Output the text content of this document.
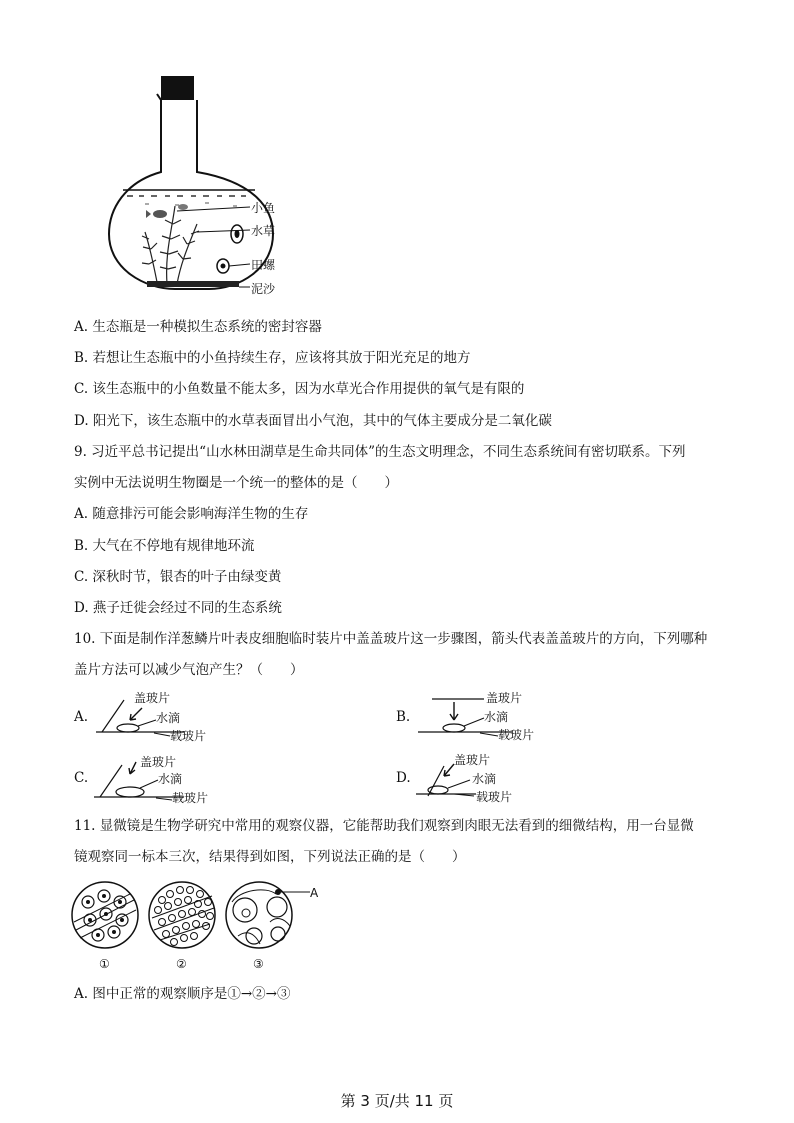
小鱼
水草
田螺
泥沙
A. 生态瓶是一种模拟生态系统的密封容器
B. 若想让生态瓶中的小鱼持续生存，应该将其放于阳光充足的地方
C. 该生态瓶中的小鱼数量不能太多，因为水草光合作用提供的氧气是有限的
D. 阳光下，该生态瓶中的水草表面冒出小气泡，其中的气体主要成分是二氧化碳
9. 习近平总书记提出“山水林田湖草是生命共同体”的生态文明理念，不同生态系统间有密切联系。下列
实例中无法说明生物圈是一个统一的整体的是（　　）
A. 随意排污可能会影响海洋生物的生存
B. 大气在不停地有规律地环流
C. 深秋时节，银杏的叶子由绿变黄
D. 燕子迁徙会经过不同的生态系统
10. 下面是制作洋葱鳞片叶表皮细胞临时装片中盖盖玻片这一步骤图，箭头代表盖盖玻片的方向，下列哪种
盖片方法可以减少气泡产生？（　　）
A.
盖玻片
水滴
载玻片
B.
盖玻片
水滴
载玻片
C.
盖玻片
水滴
载玻片
D.
盖玻片
水滴
载玻片
11. 显微镜是生物学研究中常用的观察仪器，它能帮助我们观察到肉眼无法看到的细微结构，用一台显微
镜观察同一标本三次，结果得到如图，下列说法正确的是（　　）
A
①	②	③
A. 图中正常的观察顺序是①→②→③
第 3 页/共 11 页
